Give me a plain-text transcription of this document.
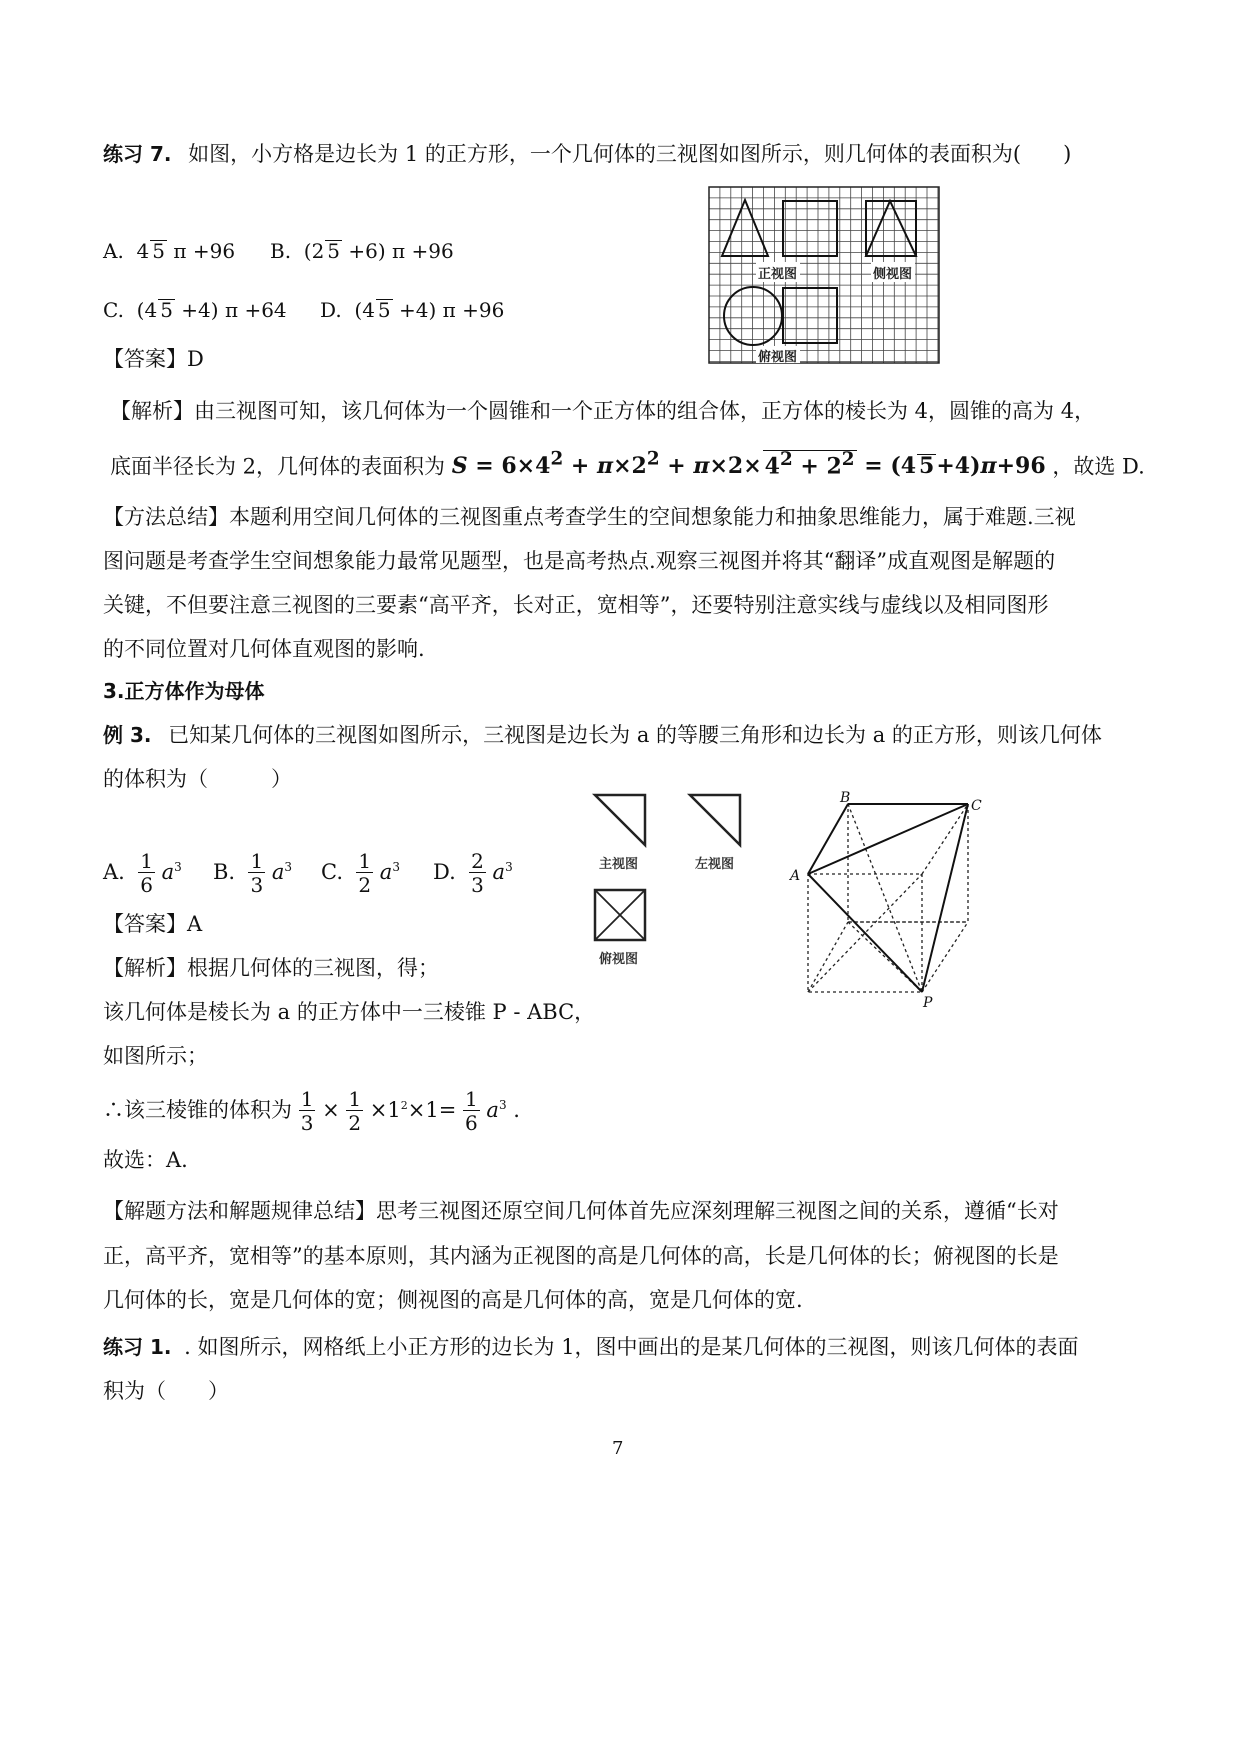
练习 7. 如图，小方格是边长为 1 的正方形，一个几何体的三视图如图所示，则几何体的表面积为(　　)
A.  4 5 π +96 B.  (2 5 +6) π +96
C.  (4 5 +4) π +64 D.  (4 5 +4) π +96
【答案】D
正视图	侧视图
俯视图
【解析】由三视图可知，该几何体为一个圆锥和一个正方体的组合体，正方体的棱长为 4，圆锥的高为 4，
底面半径长为 2，几何体的表面积为 $S = 6\times 4^2 + \pi\times 2^2 + \pi\times 2\times 4^2 + 2^2 = (4$ 5+4)π+96 ，故选 D.
【方法总结】本题利用空间几何体的三视图重点考查学生的空间想象能力和抽象思维能力，属于难题.三视
图问题是考查学生空间想象能力最常见题型，也是高考热点.观察三视图并将其“翻译”成直观图是解题的
关键，不但要注意三视图的三要素“高平齐，长对正，宽相等”，还要特别注意实线与虚线以及相同图形
的不同位置对几何体直观图的影响.
3.正方体作为母体
例 3. 已知某几何体的三视图如图所示，三视图是边长为 a 的等腰三角形和边长为 a 的正方形，则该几何体
的体积为（　　　）
A. $\frac{1}{6} a^3$ B. $\frac{1}{3} a^3$ C. $\frac{1}{2} a^3$ D. $\frac{2}{3} a^3$
【答案】A
【解析】根据几何体的三视图，得；
该几何体是棱长为 a 的正方体中一三棱锥 P - ABC，
如图所示；
∴该三棱锥的体积为 $\frac{1}{3} \times \frac{1}{2} \times 1^2\times 1= \frac{1}{6} a^3$ .
故选：A.
主视图	左视图
俯视图
B	C
A
P
【解题方法和解题规律总结】思考三视图还原空间几何体首先应深刻理解三视图之间的关系，遵循“长对
正，高平齐，宽相等”的基本原则，其内涵为正视图的高是几何体的高，长是几何体的长；俯视图的长是
几何体的长，宽是几何体的宽；侧视图的高是几何体的高，宽是几何体的宽.
练习 1. . 如图所示，网格纸上小正方形的边长为 1，图中画出的是某几何体的三视图，则该几何体的表面
积为（　　）
7
